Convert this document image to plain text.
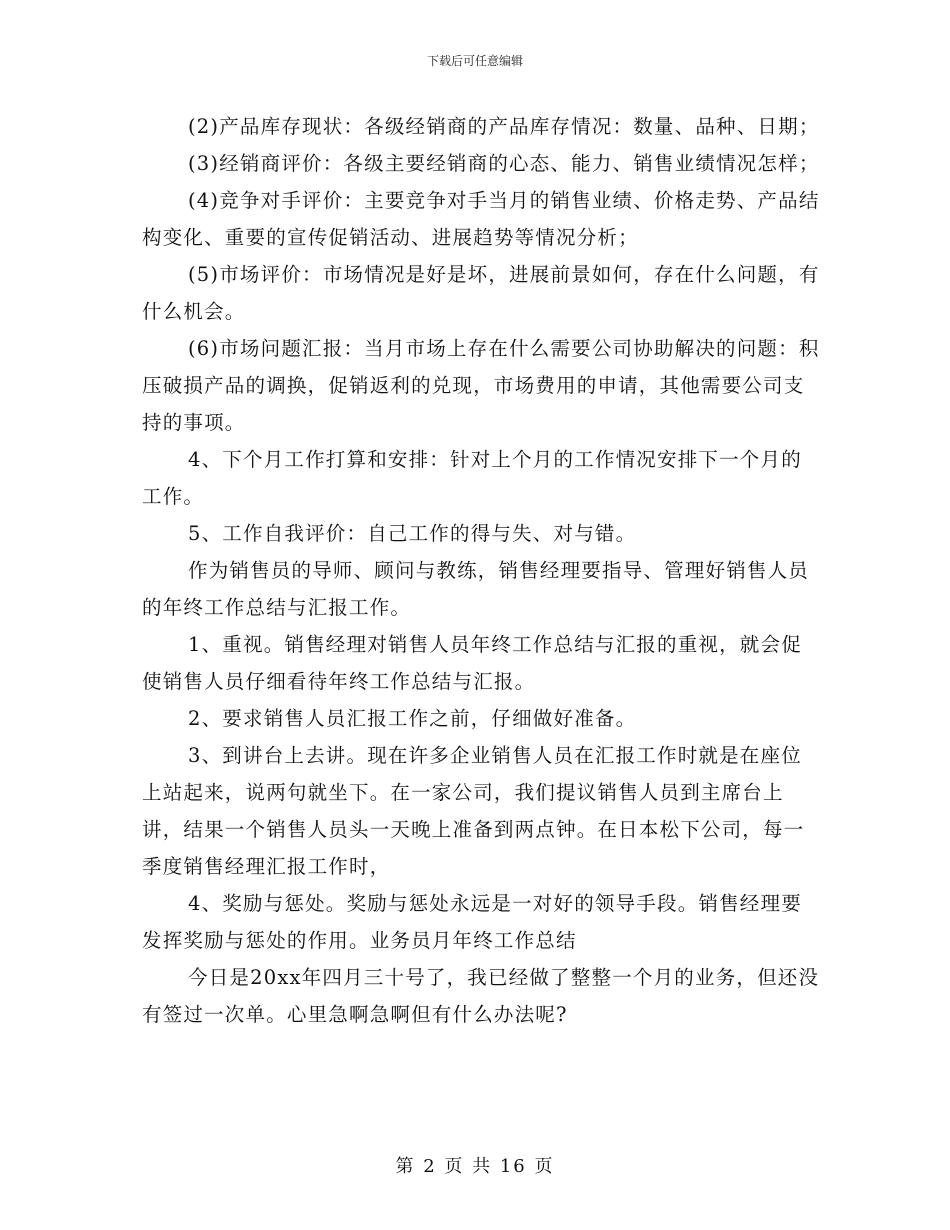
下载后可任意编辑

(2)产品库存现状：各级经销商的产品库存情况：数量、品种、日期；

(3)经销商评价：各级主要经销商的心态、能力、销售业绩情况怎样；

(4)竞争对手评价：主要竞争对手当月的销售业绩、价格走势、产品结构变化、重要的宣传促销活动、进展趋势等情况分析；

(5)市场评价：市场情况是好是坏，进展前景如何，存在什么问题，有什么机会。

(6)市场问题汇报：当月市场上存在什么需要公司协助解决的问题：积压破损产品的调换，促销返利的兑现，市场费用的申请，其他需要公司支持的事项。

4、下个月工作打算和安排：针对上个月的工作情况安排下一个月的工作。

5、工作自我评价：自己工作的得与失、对与错。

作为销售员的导师、顾问与教练，销售经理要指导、管理好销售人员的年终工作总结与汇报工作。

1、重视。销售经理对销售人员年终工作总结与汇报的重视，就会促使销售人员仔细看待年终工作总结与汇报。

2、要求销售人员汇报工作之前，仔细做好准备。

3、到讲台上去讲。现在许多企业销售人员在汇报工作时就是在座位上站起来，说两句就坐下。在一家公司，我们提议销售人员到主席台上讲，结果一个销售人员头一天晚上准备到两点钟。在日本松下公司，每一季度销售经理汇报工作时，

4、奖励与惩处。奖励与惩处永远是一对好的领导手段。销售经理要发挥奖励与惩处的作用。业务员月年终工作总结

今日是20xx年四月三十号了，我已经做了整整一个月的业务，但还没有签过一次单。心里急啊急啊但有什么办法呢?

第 2 页 共 16 页
